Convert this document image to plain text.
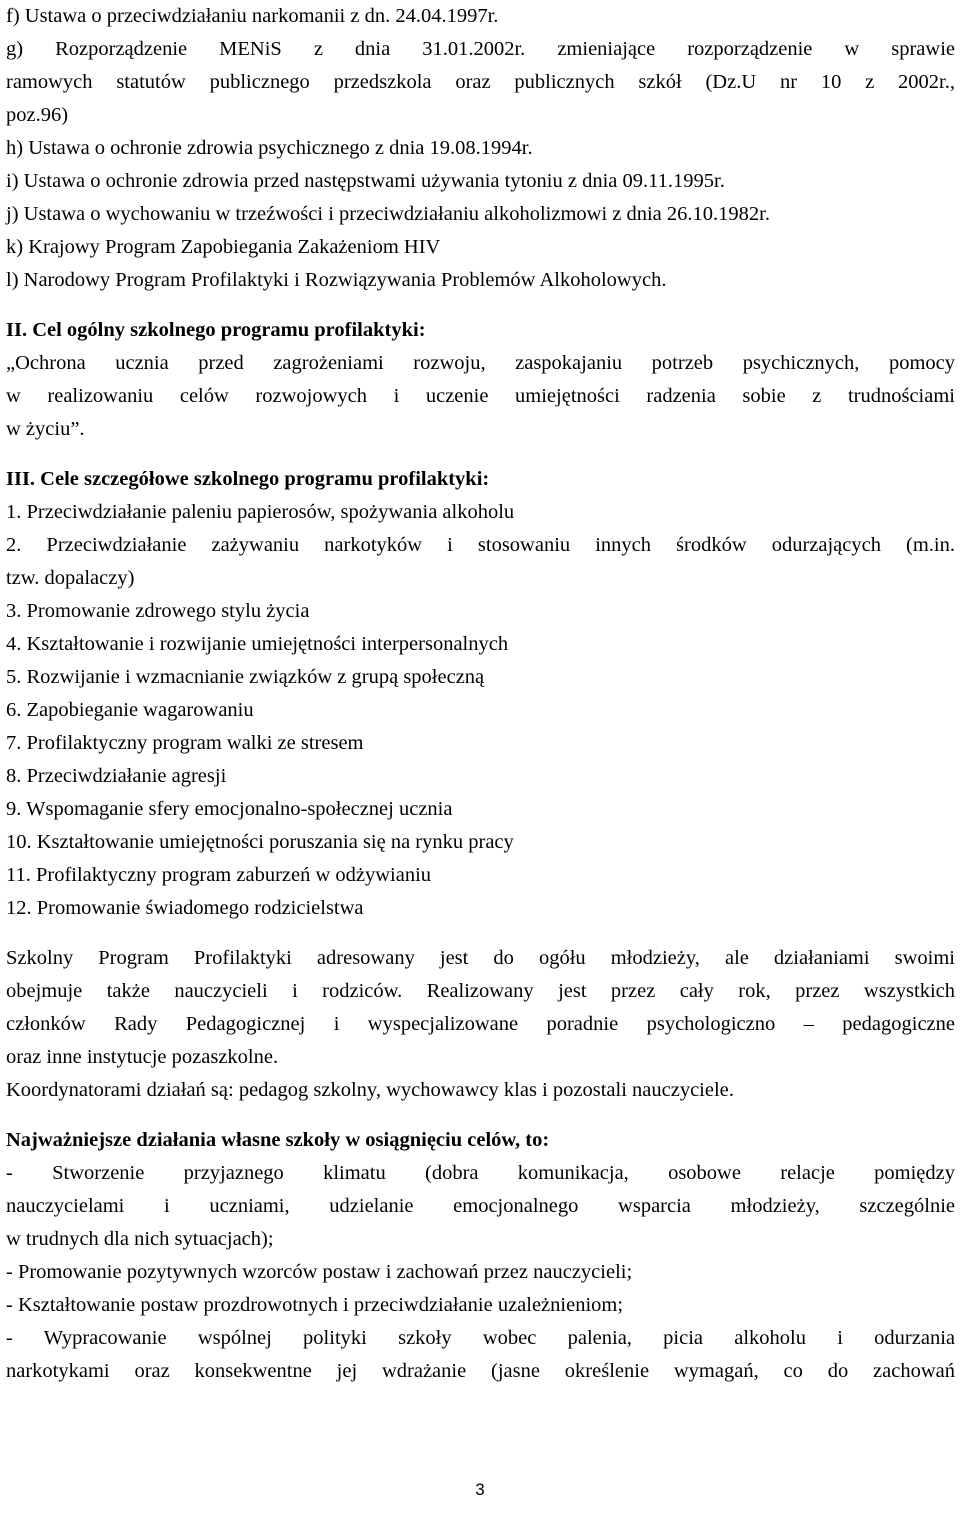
f) Ustawa o przeciwdziałaniu narkomanii z dn. 24.04.1997r.
g) Rozporządzenie MENiS z dnia 31.01.2002r. zmieniające rozporządzenie w sprawie
ramowych statutów publicznego przedszkola oraz publicznych szkół (Dz.U nr 10 z 2002r.,
poz.96)
h) Ustawa o ochronie zdrowia psychicznego z dnia 19.08.1994r.
i) Ustawa o ochronie zdrowia przed następstwami używania tytoniu z dnia 09.11.1995r.
j) Ustawa o wychowaniu w trzeźwości i przeciwdziałaniu alkoholizmowi z dnia 26.10.1982r.
k) Krajowy Program Zapobiegania Zakażeniom HIV
l) Narodowy Program Profilaktyki i Rozwiązywania Problemów Alkoholowych.
II. Cel ogólny szkolnego programu profilaktyki:
„Ochrona ucznia przed zagrożeniami rozwoju, zaspokajaniu potrzeb psychicznych, pomocy
w realizowaniu celów rozwojowych i uczenie umiejętności radzenia sobie z trudnościami
w życiu”.
III. Cele szczegółowe szkolnego programu profilaktyki:
1. Przeciwdziałanie paleniu papierosów, spożywania alkoholu
2. Przeciwdziałanie zażywaniu narkotyków i stosowaniu innych środków odurzających (m.in.
tzw. dopalaczy)
3. Promowanie zdrowego stylu życia
4. Kształtowanie i rozwijanie umiejętności interpersonalnych
5. Rozwijanie i wzmacnianie związków z grupą społeczną
6. Zapobieganie wagarowaniu
7. Profilaktyczny program walki ze stresem
8. Przeciwdziałanie agresji
9. Wspomaganie sfery emocjonalno-społecznej ucznia
10. Kształtowanie umiejętności poruszania się na rynku pracy
11. Profilaktyczny program zaburzeń w odżywianiu
12. Promowanie świadomego rodzicielstwa
Szkolny Program Profilaktyki adresowany jest do ogółu młodzieży, ale działaniami swoimi
obejmuje także nauczycieli i rodziców. Realizowany jest przez cały rok, przez wszystkich
członków Rady Pedagogicznej i wyspecjalizowane poradnie psychologiczno – pedagogiczne
oraz inne instytucje pozaszkolne.
Koordynatorami działań są: pedagog szkolny, wychowawcy klas i pozostali nauczyciele.
Najważniejsze działania własne szkoły w osiągnięciu celów, to:
- Stworzenie przyjaznego klimatu (dobra komunikacja, osobowe relacje pomiędzy
nauczycielami i uczniami, udzielanie emocjonalnego wsparcia młodzieży, szczególnie
w trudnych dla nich sytuacjach);
- Promowanie pozytywnych wzorców postaw i zachowań przez nauczycieli;
- Kształtowanie postaw prozdrowotnych i przeciwdziałanie uzależnieniom;
- Wypracowanie wspólnej polityki szkoły wobec palenia, picia alkoholu i odurzania
narkotykami oraz konsekwentne jej wdrażanie (jasne określenie wymagań, co do zachowań
3
